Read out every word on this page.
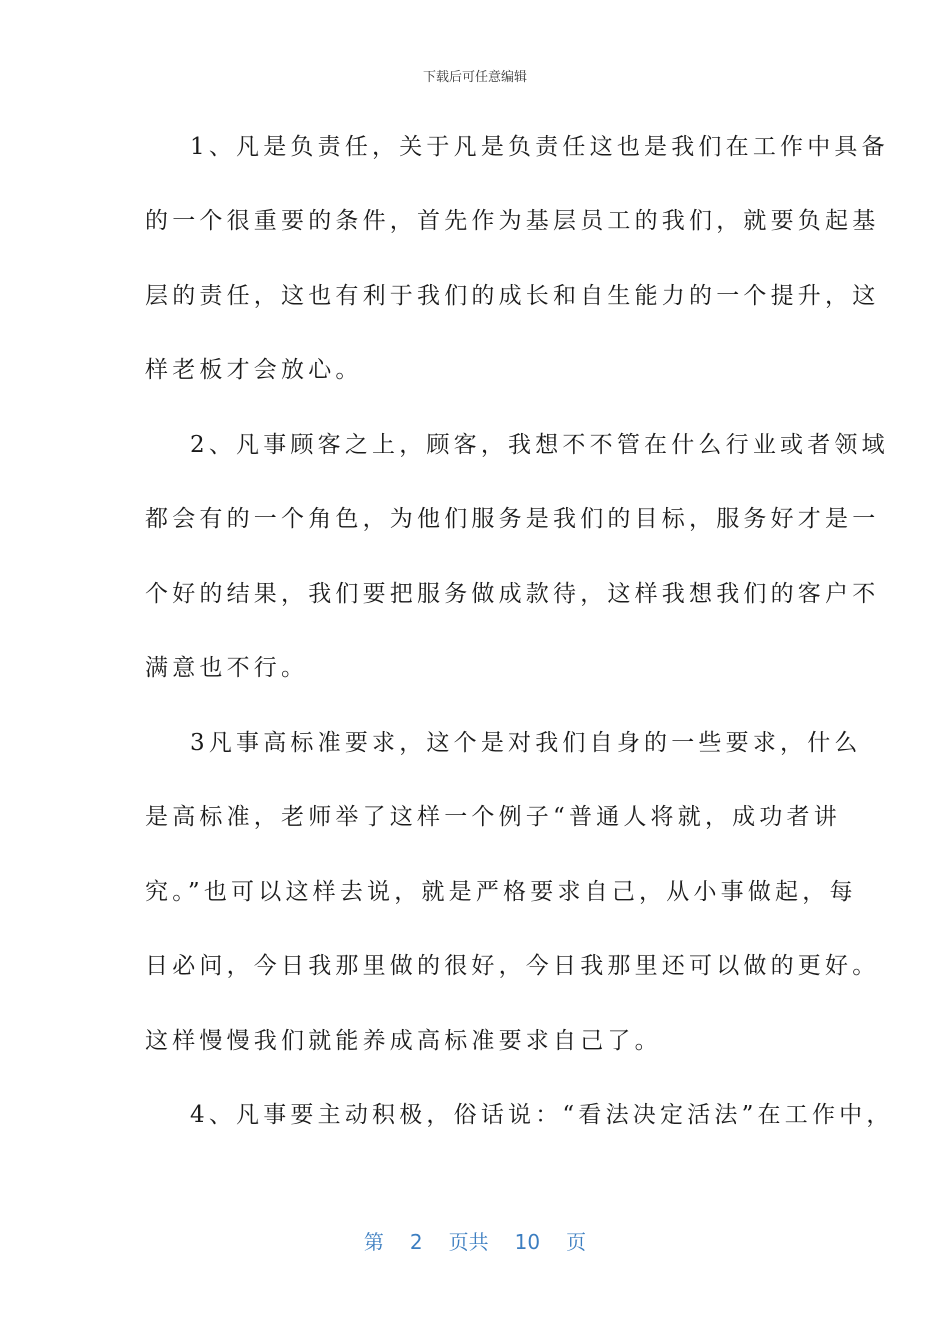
下载后可任意编辑
1、凡是负责任，关于凡是负责任这也是我们在工作中具备
的一个很重要的条件，首先作为基层员工的我们，就要负起基
层的责任，这也有利于我们的成长和自生能力的一个提升，这
样老板才会放心。
2、凡事顾客之上，顾客，我想不不管在什么行业或者领域
都会有的一个角色，为他们服务是我们的目标，服务好才是一
个好的结果，我们要把服务做成款待，这样我想我们的客户不
满意也不行。
3凡事高标准要求，这个是对我们自身的一些要求，什么
是高标准，老师举了这样一个例子“普通人将就，成功者讲
究。”也可以这样去说，就是严格要求自己，从小事做起，每
日必问，今日我那里做的很好，今日我那里还可以做的更好。
这样慢慢我们就能养成高标准要求自己了。
4、凡事要主动积极，俗话说：“看法决定活法”在工作中，
第 2 页共 10 页
